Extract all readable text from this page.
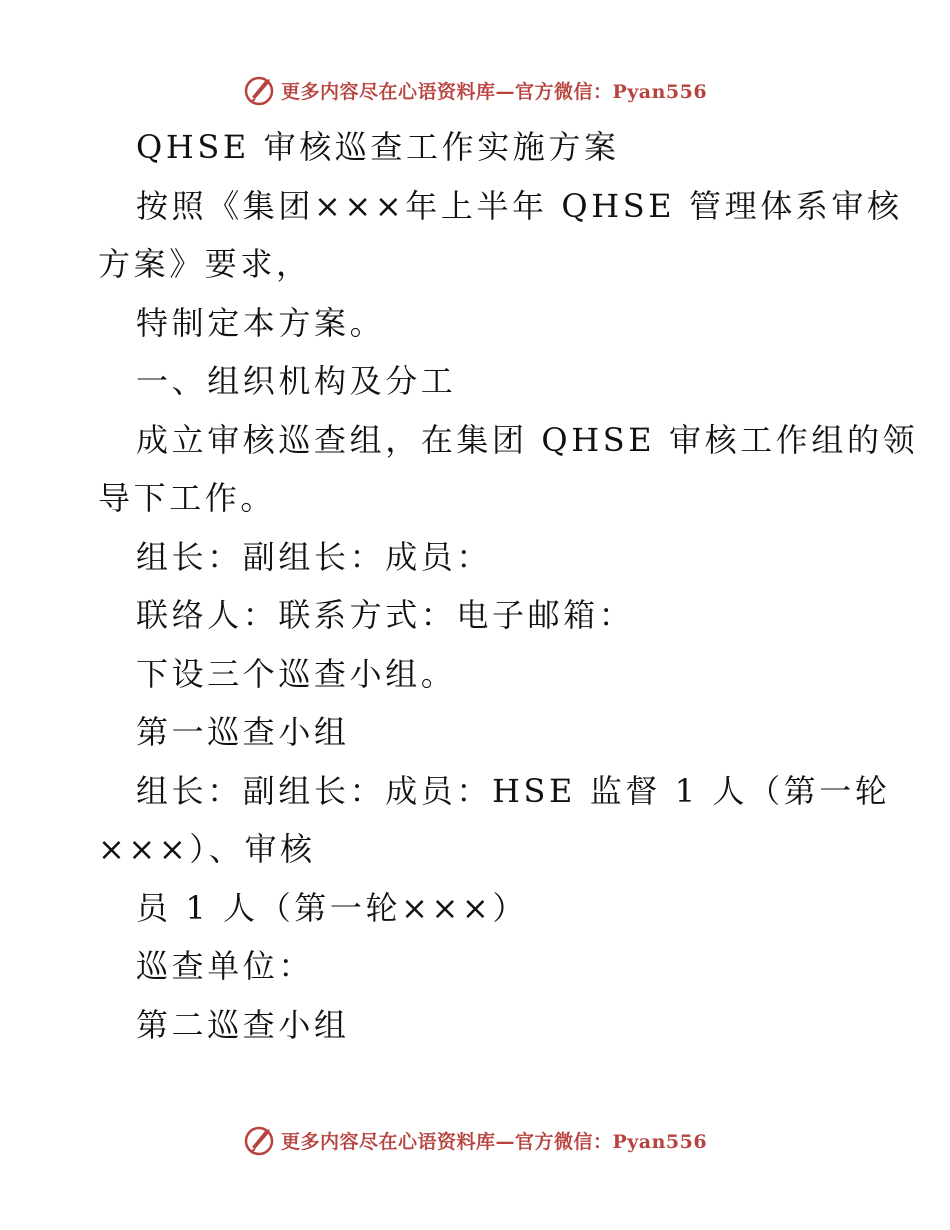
更多内容尽在心语资料库—官方微信：Pyan556
QHSE 审核巡查工作实施方案
按照《集团×××年上半年 QHSE 管理体系审核
方案》要求，
特制定本方案。
一、组织机构及分工
成立审核巡查组，在集团 QHSE 审核工作组的领
导下工作。
组长：副组长：成员：
联络人：联系方式：电子邮箱：
下设三个巡查小组。
第一巡查小组
组长：副组长：成员：HSE 监督 1 人（第一轮
×××）、审核
员 1 人（第一轮×××）
巡查单位：
第二巡查小组
更多内容尽在心语资料库—官方微信：Pyan556
